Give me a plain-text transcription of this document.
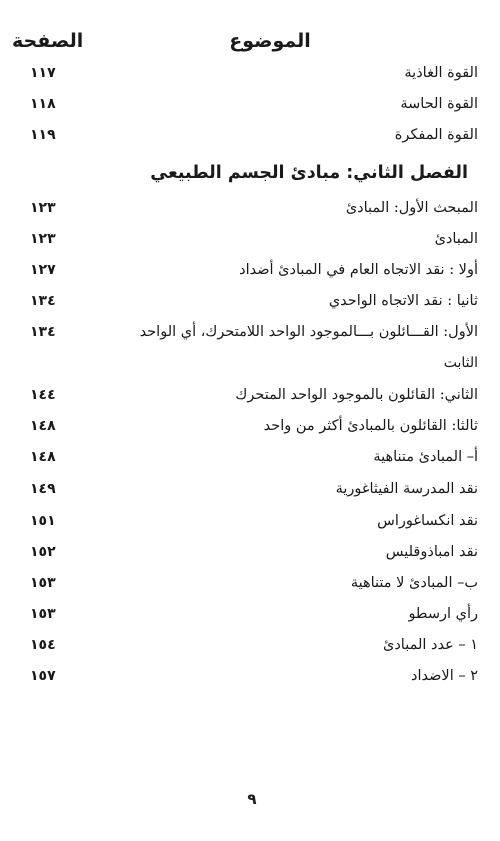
الموضوع
الصفحة
القوة الغاذية
١١٧
القوة الحاسة
١١٨
القوة المفكرة
١١٩
الفصل الثاني: مبادئ الجسم الطبيعي
المبحث الأول: المبادئ
١٢٣
المبادئ
١٢٣
أولا : نقد الاتجاه العام في المبادئ أضداد
١٢٧
ثانيا : نقد الاتجاه الواحدي
١٣٤
الأول: القـــائلون بـــالموجود الواحد اللامتحرك، أي الواحد
١٣٤
الثابت
الثاني: القائلون بالموجود الواحد المتحرك
١٤٤
ثالثا: القائلون بالمبادئ أكثر من واحد
١٤٨
أ– المبادئ متناهية
١٤٨
نقد المدرسة الفيثاغورية
١٤٩
نقد انكساغوراس
١٥١
نقد امباذوقليس
١٥٢
ب– المبادئ لا متناهية
١٥٣
رأي ارسطو
١٥٣
١ – عدد المبادئ
١٥٤
٢ – الاضداد
١٥٧
٩
